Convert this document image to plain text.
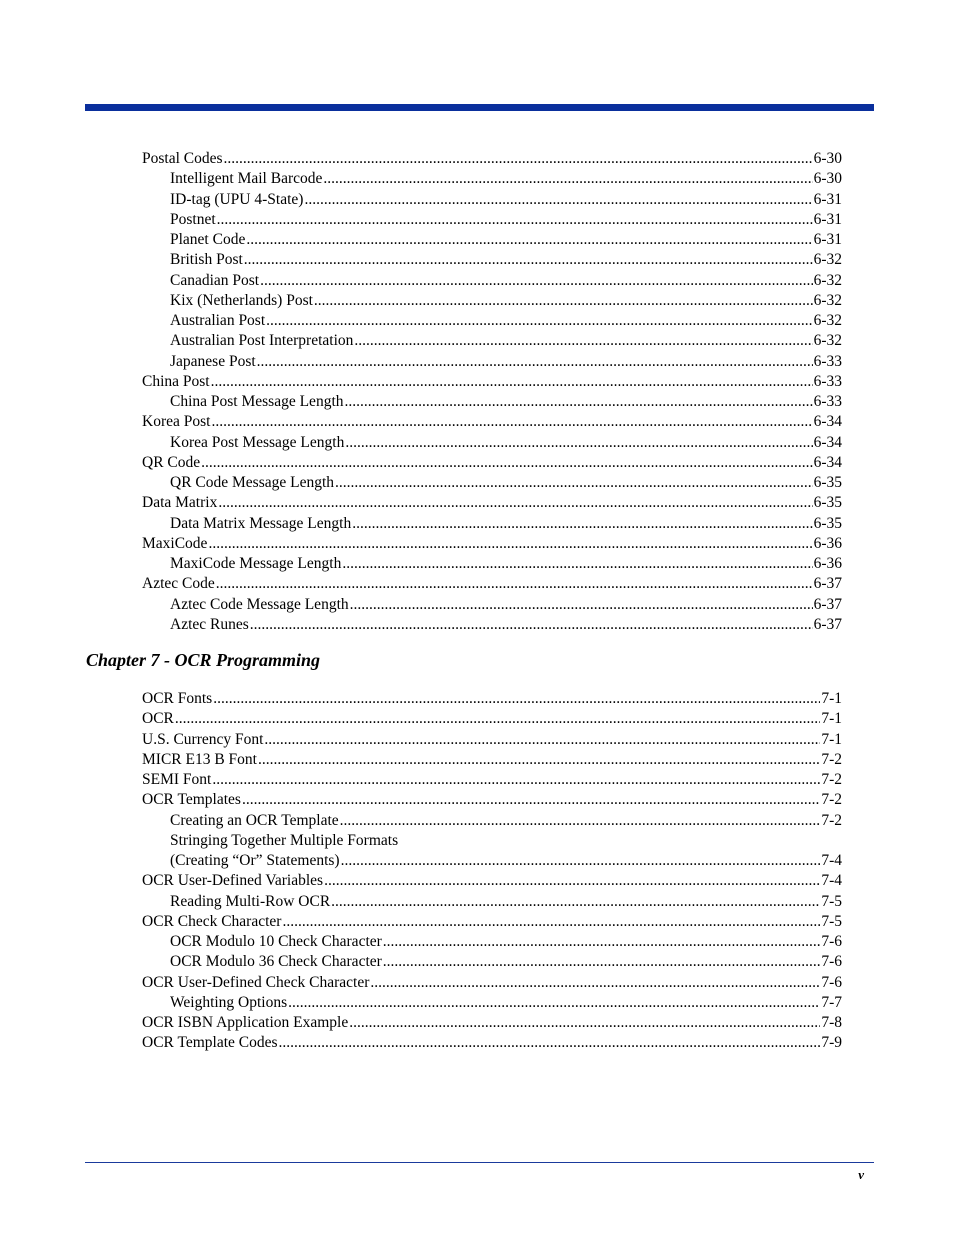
Postal Codes .....	6-30
Intelligent Mail Barcode .....	6-30
ID-tag (UPU 4-State) .....	6-31
Postnet .....	6-31
Planet Code .....	6-31
British Post .....	6-32
Canadian Post .....	6-32
Kix (Netherlands) Post .....	6-32
Australian Post .....	6-32
Australian Post Interpretation .....	6-32
Japanese Post .....	6-33
China Post .....	6-33
China Post Message Length .....	6-33
Korea Post .....	6-34
Korea Post Message Length .....	6-34
QR Code .....	6-34
QR Code Message Length .....	6-35
Data Matrix .....	6-35
Data Matrix Message Length .....	6-35
MaxiCode .....	6-36
MaxiCode Message Length .....	6-36
Aztec Code .....	6-37
Aztec Code Message Length .....	6-37
Aztec Runes .....	6-37
Chapter 7 - OCR Programming
OCR Fonts .....	7-1
OCR .....	7-1
U.S. Currency Font .....	7-1
MICR E13 B Font .....	7-2
SEMI Font .....	7-2
OCR Templates .....	7-2
Creating an OCR Template .....	7-2
Stringing Together Multiple Formats
(Creating “Or” Statements) .....	7-4
OCR User-Defined Variables .....	7-4
Reading Multi-Row OCR .....	7-5
OCR Check Character .....	7-5
OCR Modulo 10 Check Character .....	7-6
OCR Modulo 36 Check Character .....	7-6
OCR User-Defined Check Character .....	7-6
Weighting Options .....	7-7
OCR ISBN Application Example .....	7-8
OCR Template Codes .....	7-9
v
